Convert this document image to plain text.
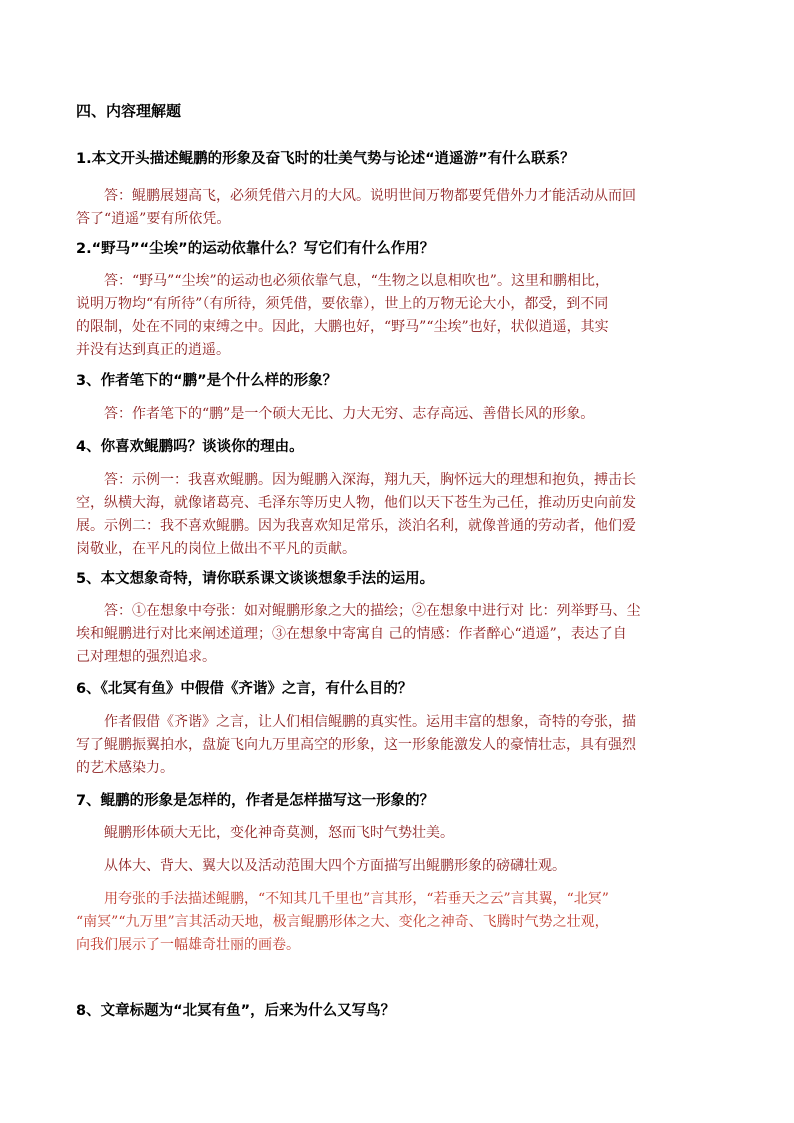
四、内容理解题

1.本文开头描述鲲鹏的形象及奋飞时的壮美气势与论述“逍遥游”有什么联系？

答：鲲鹏展翅高飞，必须凭借六月的大风。说明世间万物都要凭借外力才能活动从而回
答了“逍遥”要有所依凭。

2.“野马”“尘埃”的运动依靠什么？写它们有什么作用？

答：“野马”“尘埃”的运动也必须依靠气息，“生物之以息相吹也”。这里和鹏相比，
说明万物均“有所待”（有所待，须凭借，要依靠），世上的万物无论大小，都受，到不同
的限制，处在不同的束缚之中。因此，大鹏也好，“野马”“尘埃”也好，状似逍遥，其实
并没有达到真正的逍遥。

3、作者笔下的“鹏”是个什么样的形象？

答：作者笔下的“鹏”是一个硕大无比、力大无穷、志存高远、善借长风的形象。

4、你喜欢鲲鹏吗？谈谈你的理由。

答：示例一：我喜欢鲲鹏。因为鲲鹏入深海，翔九天，胸怀远大的理想和抱负，搏击长
空，纵横大海，就像诸葛亮、毛泽东等历史人物，他们以天下苍生为己任，推动历史向前发
展。示例二：我不喜欢鲲鹏。因为我喜欢知足常乐，淡泊名利，就像普通的劳动者，他们爱
岗敬业，在平凡的岗位上做出不平凡的贡献。

5、本文想象奇特，请你联系课文谈谈想象手法的运用。

答：①在想象中夸张：如对鲲鹏形象之大的描绘；②在想象中进行对 比：列举野马、尘
埃和鲲鹏进行对比来阐述道理；③在想象中寄寓自 己的情感：作者醉心“逍遥”，表达了自
己对理想的强烈追求。

6、《北冥有鱼》中假借《齐谐》之言，有什么目的？

作者假借《齐谐》之言，让人们相信鲲鹏的真实性。运用丰富的想象，奇特的夸张，描
写了鲲鹏振翼拍水，盘旋飞向九万里高空的形象，这一形象能激发人的豪情壮志，具有强烈
的艺术感染力。

7、鲲鹏的形象是怎样的，作者是怎样描写这一形象的？

鲲鹏形体硕大无比，变化神奇莫测，怒而飞时气势壮美。
从体大、背大、翼大以及活动范围大四个方面描写出鲲鹏形象的磅礴壮观。
用夸张的手法描述鲲鹏，“不知其几千里也”言其形，“若垂天之云”言其翼，“北冥”
“南冥”“九万里”言其活动天地，极言鲲鹏形体之大、变化之神奇、飞腾时气势之壮观，
向我们展示了一幅雄奇壮丽的画卷。

8、文章标题为“北冥有鱼”，后来为什么又写鸟？
